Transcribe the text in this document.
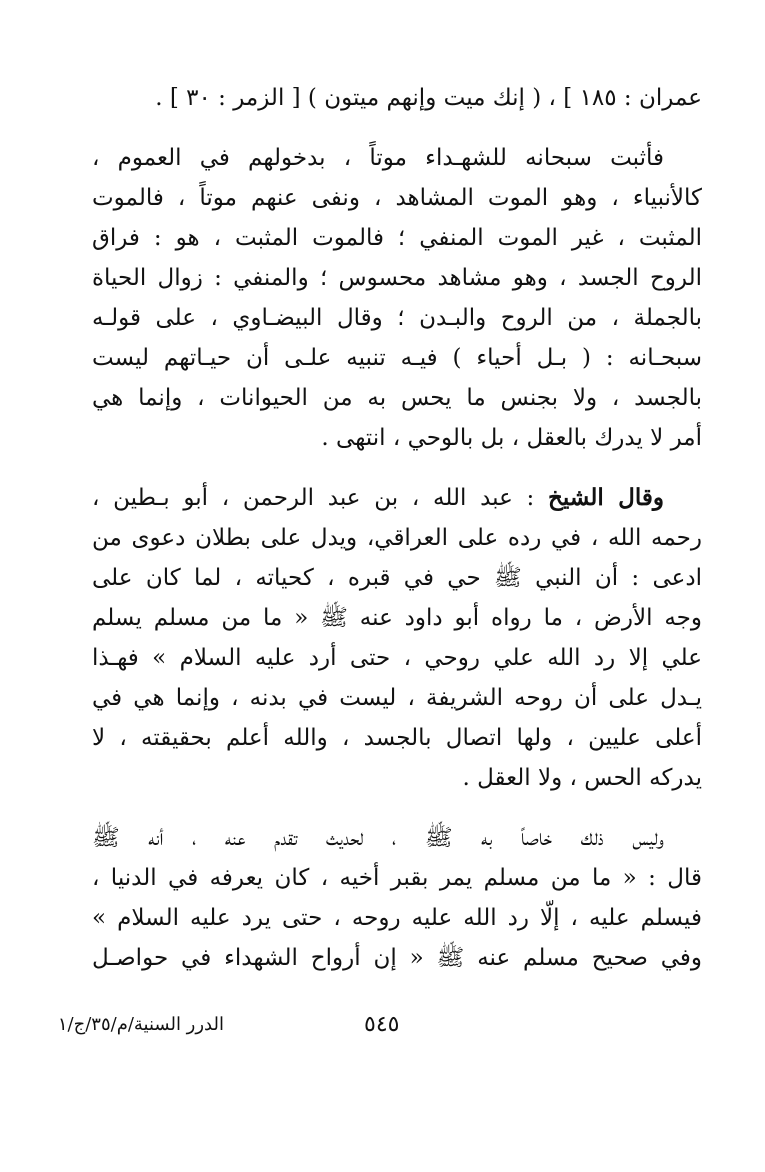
عمران : ١٨٥ ] ، ( إنك ميت وإنهم ميتون ) [ الزمر : ٣٠ ] .
فأثبت سبحانه للشهـداء موتاً ، بدخولهم في العموم ،
كالأنبياء ، وهو الموت المشاهد ، ونفى عنهم موتاً ، فالموت
المثبت ، غير الموت المنفي ؛ فالموت المثبت ، هو : فراق
الروح الجسد ، وهو مشاهد محسوس ؛ والمنفي : زوال الحياة
بالجملة ، من الروح والبـدن ؛ وقال البيضـاوي ، على قولـه
سبحـانه : ( بـل أحياء ) فيـه تنبيه علـى أن حيـاتهم ليست
بالجسد ، ولا بجنس ما يحس به من الحيوانات ، وإنما هي
أمر لا يدرك بالعقل ، بل بالوحي ، انتهى .
وقال الشيخ : عبد الله ، بن عبد الرحمن ، أبو بـطين ،
رحمه الله ، في رده على العراقي، ويدل على بطلان دعوى من
ادعى : أن النبي ﷺ حي في قبره ، كحياته ، لما كان على
وجه الأرض ، ما رواه أبو داود عنه ﷺ « ما من مسلم يسلم
علي إلا رد الله علي روحي ، حتى أرد عليه السلام » فهـذا
يـدل على أن روحه الشريفة ، ليست في بدنه ، وإنما هي في
أعلى عليين ، ولها اتصال بالجسد ، والله أعلم بحقيقته ، لا
يدركه الحس ، ولا العقل .
وليس ذلك خاصاً به ﷺ ، لحديث تقدم عنه ، أنه ﷺ
قال : « ما من مسلم يمر بقبر أخيه ، كان يعرفه في الدنيا ،
فيسلم عليه ، إلّا رد الله عليه روحه ، حتى يرد عليه السلام »
وفي صحيح مسلم عنه ﷺ « إن أرواح الشهداء في حواصـل
الدرر السنية/م/٣٥/ج/١	٥٤٥
